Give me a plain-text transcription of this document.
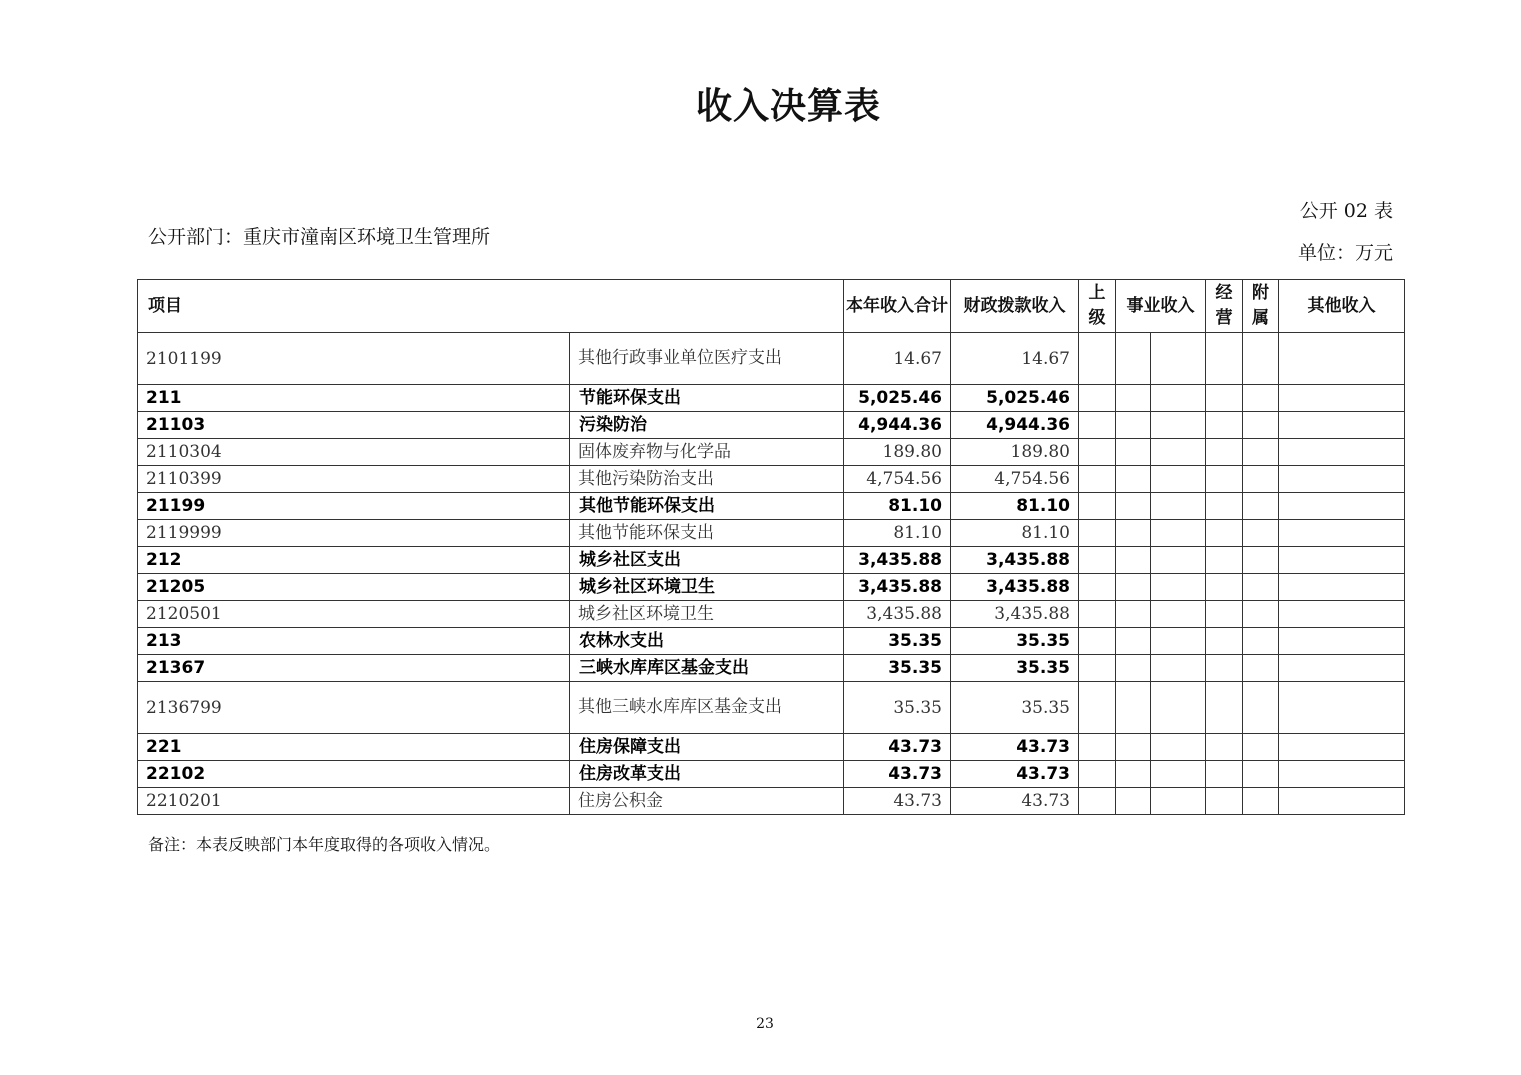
收入决算表
公开 02 表
公开部门：重庆市潼南区环境卫生管理所
单位：万元
项目		本年收入合计	财政拨款收入	上级	事业收入		经营	附属	其他收入
2101199	其他行政事业单位医疗支出	14.67	14.67						
211	节能环保支出	5,025.46	5,025.46						
21103	污染防治	4,944.36	4,944.36						
2110304	固体废弃物与化学品	189.80	189.80						
2110399	其他污染防治支出	4,754.56	4,754.56						
21199	其他节能环保支出	81.10	81.10						
2119999	其他节能环保支出	81.10	81.10						
212	城乡社区支出	3,435.88	3,435.88						
21205	城乡社区环境卫生	3,435.88	3,435.88						
2120501	城乡社区环境卫生	3,435.88	3,435.88						
213	农林水支出	35.35	35.35						
21367	三峡水库库区基金支出	35.35	35.35						
2136799	其他三峡水库库区基金支出	35.35	35.35						
221	住房保障支出	43.73	43.73						
22102	住房改革支出	43.73	43.73						
2210201	住房公积金	43.73	43.73						
备注：本表反映部门本年度取得的各项收入情况。
23
